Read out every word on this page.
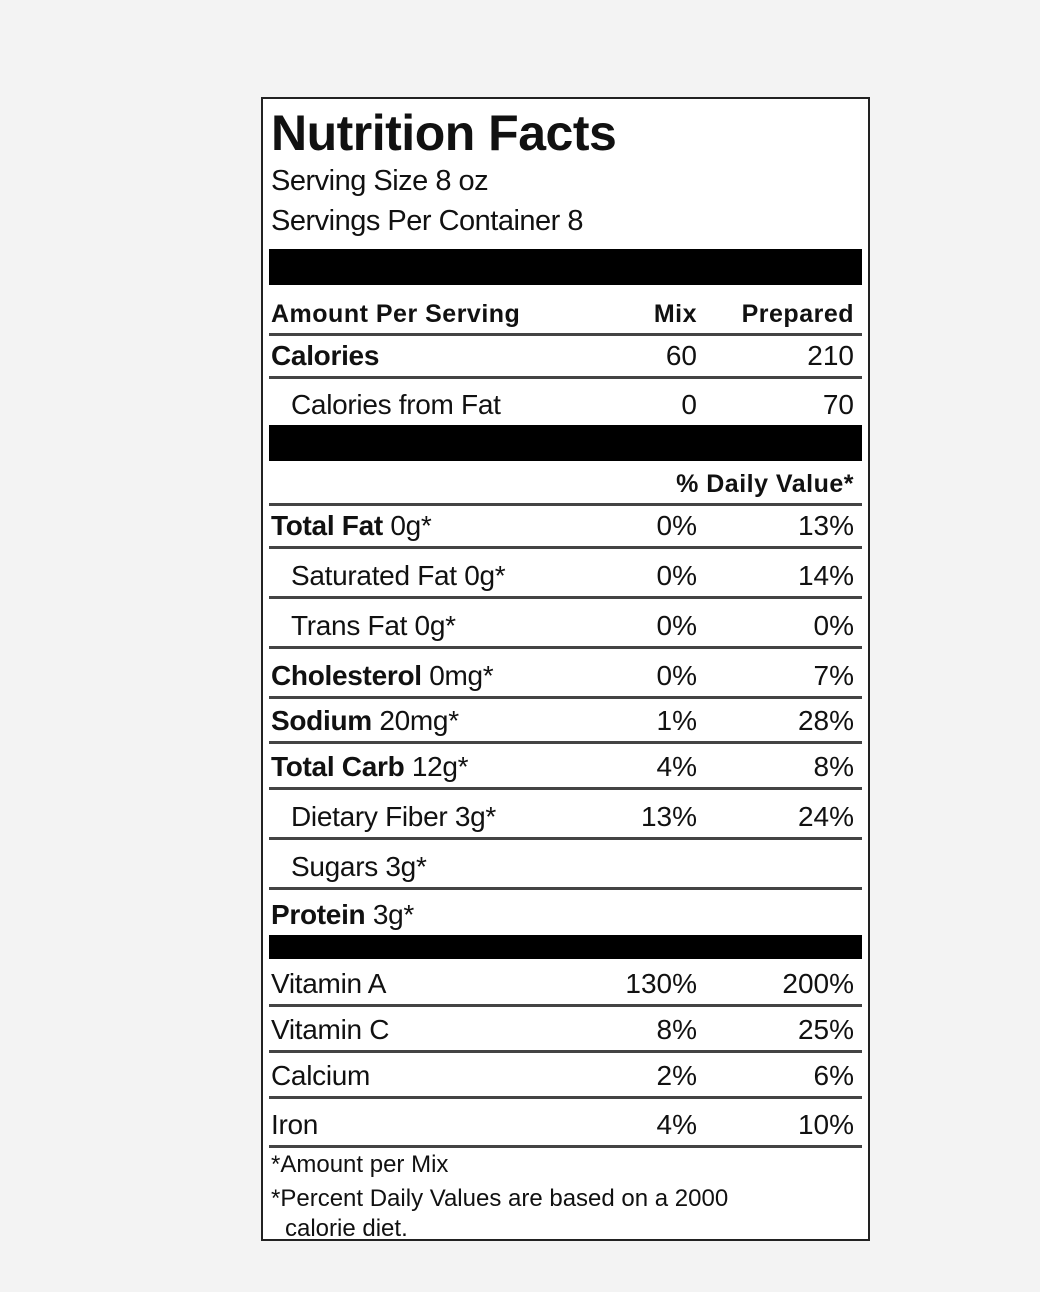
Nutrition Facts
Serving Size 8 oz
Servings Per Container 8
Amount Per Serving	Mix Prepared
Calories	60	210
Calories from Fat	0	70
% Daily Value*
Total Fat 0g*	0%	13%
Saturated Fat 0g*	0%	14%
Trans Fat 0g*	0%	0%
Cholesterol 0mg*	0%	7%
Sodium 20mg*	1%	28%
Total Carb 12g*	4%	8%
Dietary Fiber 3g*	13%	24%
Sugars 3g*
Protein 3g*
Vitamin A	130%	200%
Vitamin C	8%	25%
Calcium	2%	6%
Iron	4%	10%
*Amount per Mix
*Percent Daily Values are based on a 2000
calorie diet.
